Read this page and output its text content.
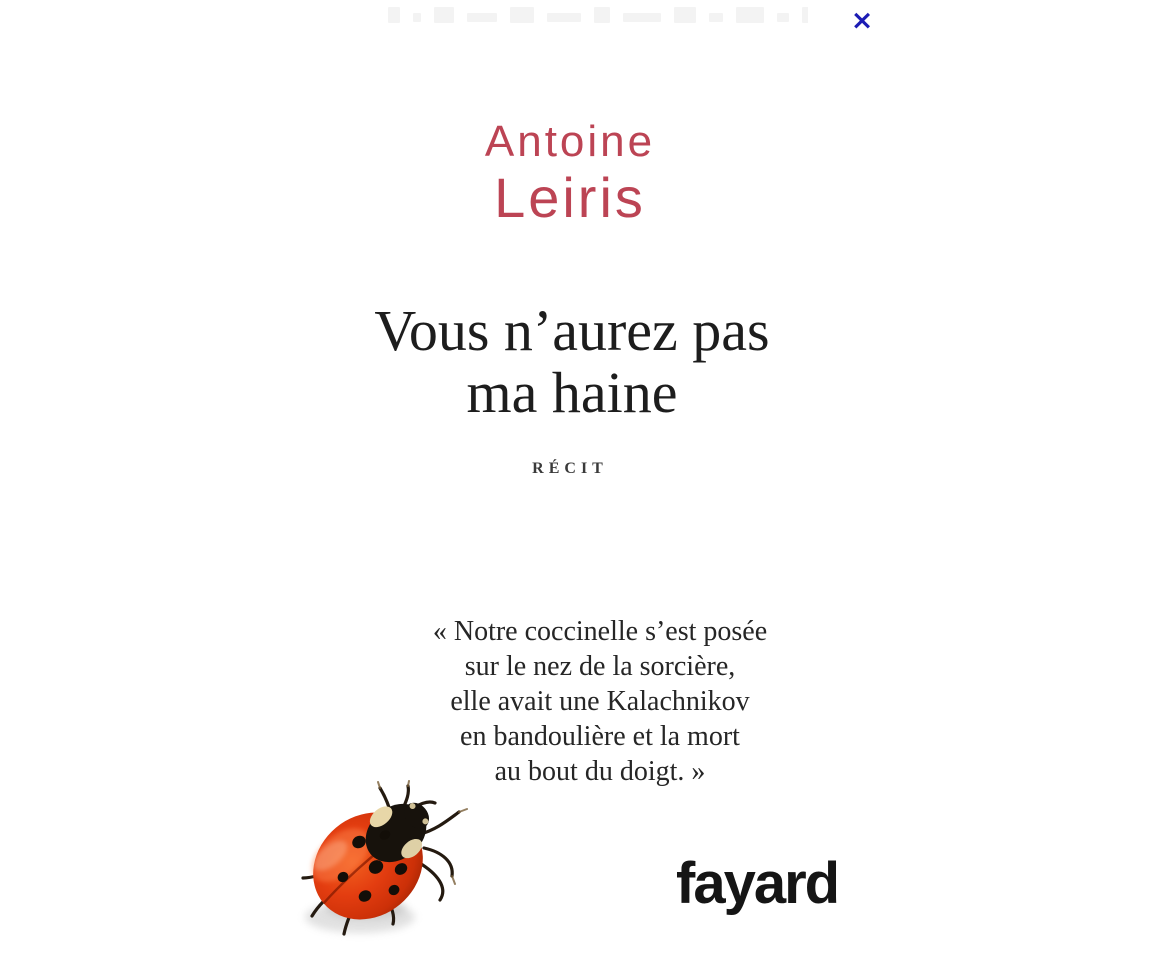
×
Antoine
Leiris
Vous n’aurez pas
ma haine
RÉCIT
« Notre coccinelle s’est posée
sur le nez de la sorcière,
elle avait une Kalachnikov
en bandoulière et la mort
au bout du doigt. »
fayard
